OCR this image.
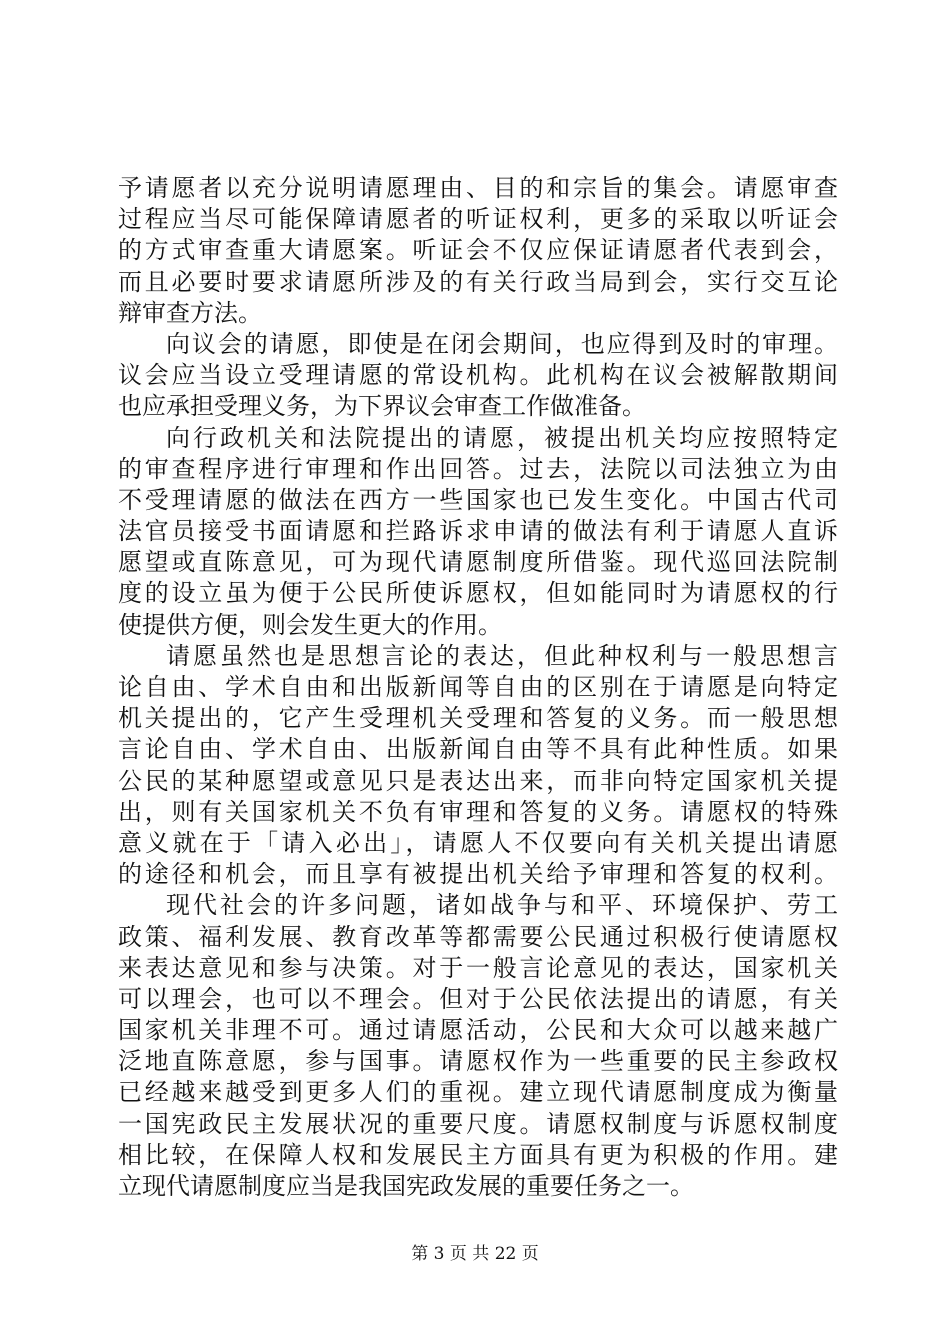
予请愿者以充分说明请愿理由、目的和宗旨的集会。请愿审查
过程应当尽可能保障请愿者的听证权利，更多的采取以听证会
的方式审查重大请愿案。听证会不仅应保证请愿者代表到会，
而且必要时要求请愿所涉及的有关行政当局到会，实行交互论
辩审查方法。
向议会的请愿，即使是在闭会期间，也应得到及时的审理。
议会应当设立受理请愿的常设机构。此机构在议会被解散期间
也应承担受理义务，为下界议会审查工作做准备。
向行政机关和法院提出的请愿，被提出机关均应按照特定
的审查程序进行审理和作出回答。过去，法院以司法独立为由
不受理请愿的做法在西方一些国家也已发生变化。中国古代司
法官员接受书面请愿和拦路诉求申请的做法有利于请愿人直诉
愿望或直陈意见，可为现代请愿制度所借鉴。现代巡回法院制
度的设立虽为便于公民所使诉愿权，但如能同时为请愿权的行
使提供方便，则会发生更大的作用。
请愿虽然也是思想言论的表达，但此种权利与一般思想言
论自由、学术自由和出版新闻等自由的区别在于请愿是向特定
机关提出的，它产生受理机关受理和答复的义务。而一般思想
言论自由、学术自由、出版新闻自由等不具有此种性质。如果
公民的某种愿望或意见只是表达出来，而非向特定国家机关提
出，则有关国家机关不负有审理和答复的义务。请愿权的特殊
意义就在于「请入必出」，请愿人不仅要向有关机关提出请愿
的途径和机会，而且享有被提出机关给予审理和答复的权利。
现代社会的许多问题，诸如战争与和平、环境保护、劳工
政策、福利发展、教育改革等都需要公民通过积极行使请愿权
来表达意见和参与决策。对于一般言论意见的表达，国家机关
可以理会，也可以不理会。但对于公民依法提出的请愿，有关
国家机关非理不可。通过请愿活动，公民和大众可以越来越广
泛地直陈意愿，参与国事。请愿权作为一些重要的民主参政权
已经越来越受到更多人们的重视。建立现代请愿制度成为衡量
一国宪政民主发展状况的重要尺度。请愿权制度与诉愿权制度
相比较，在保障人权和发展民主方面具有更为积极的作用。建
立现代请愿制度应当是我国宪政发展的重要任务之一。
第 3 页 共 22 页
